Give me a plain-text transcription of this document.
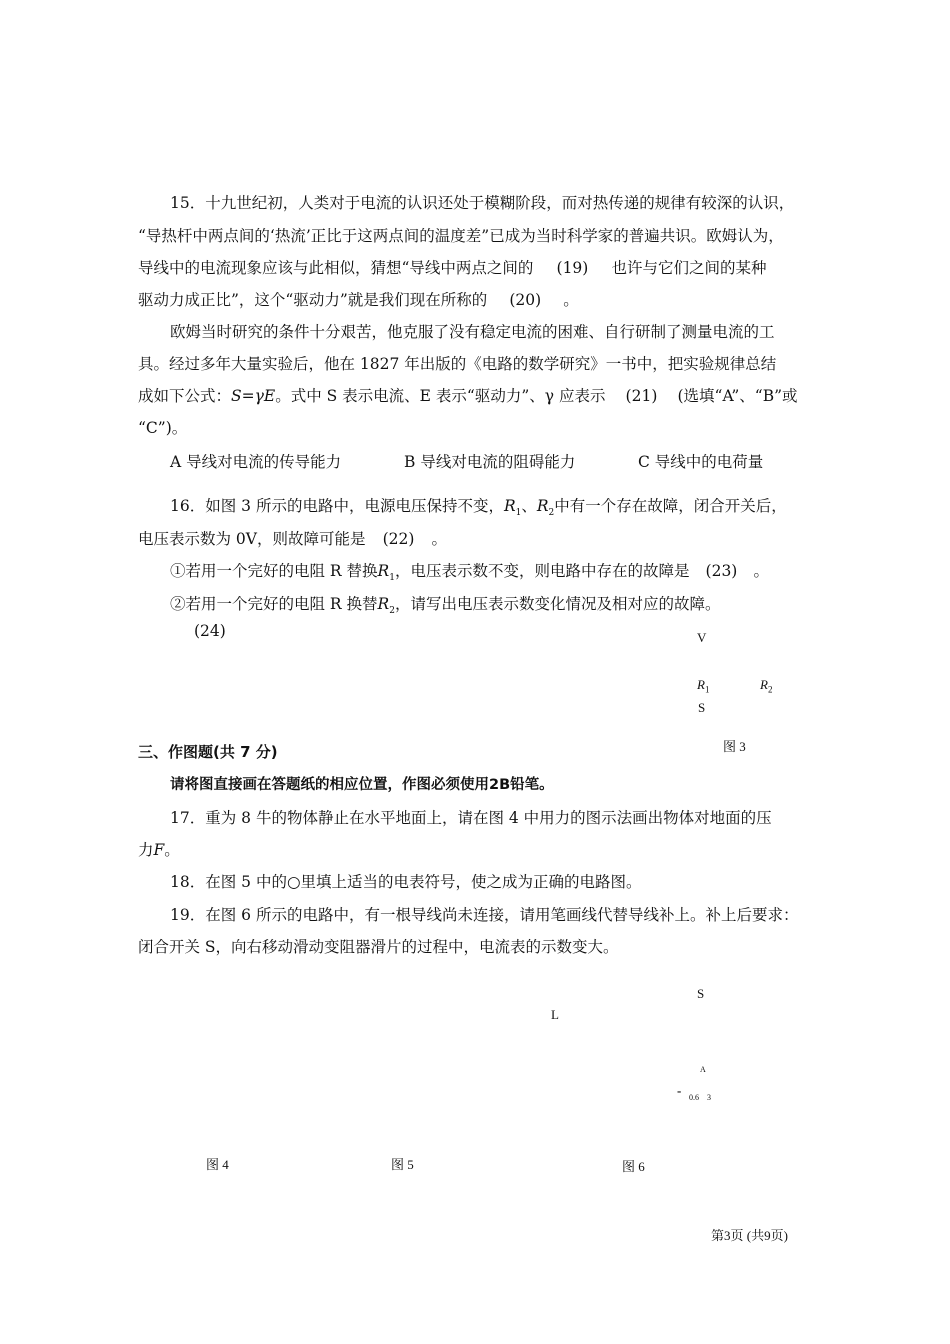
15．十九世纪初，人类对于电流的认识还处于模糊阶段，而对热传递的规律有较深的认识，
“导热杆中两点间的‘热流’正比于这两点间的温度差”已成为当时科学家的普遍共识。欧姆认为，
导线中的电流现象应该与此相似，猜想“导线中两点之间的 (19) 也许与它们之间的某种
驱动力成正比”，这个“驱动力”就是我们现在所称的 (20) 。
欧姆当时研究的条件十分艰苦，他克服了没有稳定电流的困难、自行研制了测量电流的工
具。经过多年大量实验后，他在 1827 年出版的《电路的数学研究》一书中，把实验规律总结
成如下公式：S=γE。式中 S 表示电流、E 表示“驱动力”、γ 应表示 (21) (选填“A”、“B”或
“C”)。
A 导线对电流的传导能力	B 导线对电流的阻碍能力	C 导线中的电荷量
16．如图 3 所示的电路中，电源电压保持不变，$R_1$、$R_2$中有一个存在故障，闭合开关后，
电压表示数为 0V，则故障可能是 (22) 。
①若用一个完好的电阻 R 替换$R_1$，电压表示数不变，则电路中存在的故障是 (23) 。
②若用一个完好的电阻 R 换替$R_2$，请写出电压表示数变化情况及相对应的故障。
(24)	V
$R_1$	$R_2$
S
图 3
三、作图题(共 7 分)
请将图直接画在答题纸的相应位置，作图必须使用2B铅笔。
17．重为 8 牛的物体静止在水平地面上，请在图 4 中用力的图示法画出物体对地面的压
力F。
18．在图 5 中的○里填上适当的电表符号，使之成为正确的电路图。
19．在图 6 所示的电路中，有一根导线尚未连接，请用笔画线代替导线补上。补上后要求：
闭合开关 S，向右移动滑动变阻器滑片的过程中，电流表的示数变大。
L
S
A
- 0.6 3
图 4	图 5	图 6
第3页 (共9页)
